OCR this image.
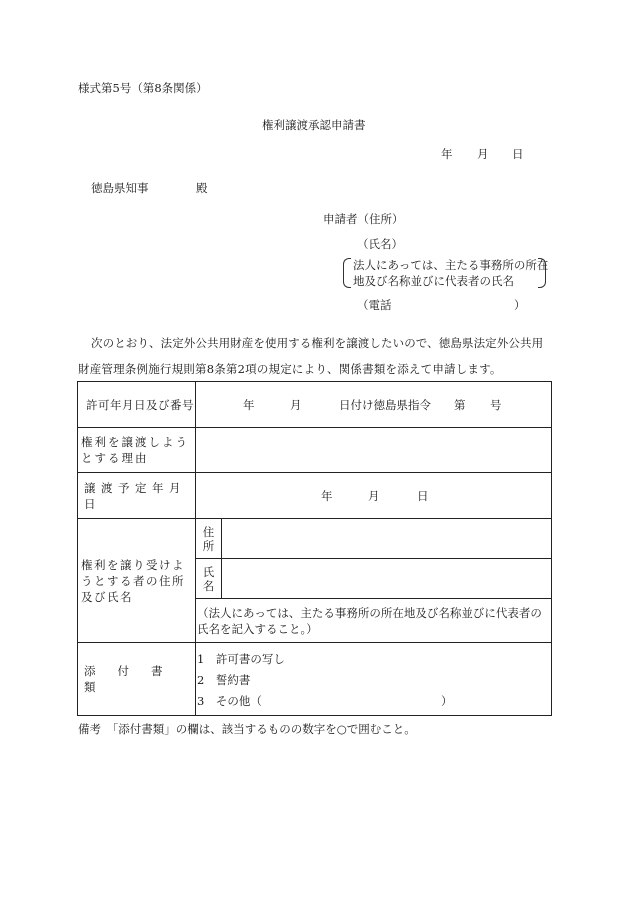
様式第5号（第8条関係）
権利譲渡承認申請書
年 月 日
徳島県知事	殿
申請者（住所）
（氏名）
法人にあっては、主たる事務所の所在
地及び名称並びに代表者の氏名
（電話	）
次のとおり、法定外公共用財産を使用する権利を譲渡したいので、徳島県法定外公共用
財産管理条例施行規則第8条第2項の規定により、関係書類を添えて申請します。
許可年月日及び番号	年 月 日付け徳島県指令 第 号	

権利を譲渡しようとする理由		

譲渡予定年月日	年 月 日	

権利を譲り受けようとする者の住所及び氏名	住所	

	氏名	

	（法人にあっては、主たる事務所の所在地及び名称並びに代表者の氏名を記入すること。）	

添付書類	1　許可書の写し
2　誓約書
3　その他（ ）	
備考　「添付書類」の欄は、該当するものの数字を○で囲むこと。
